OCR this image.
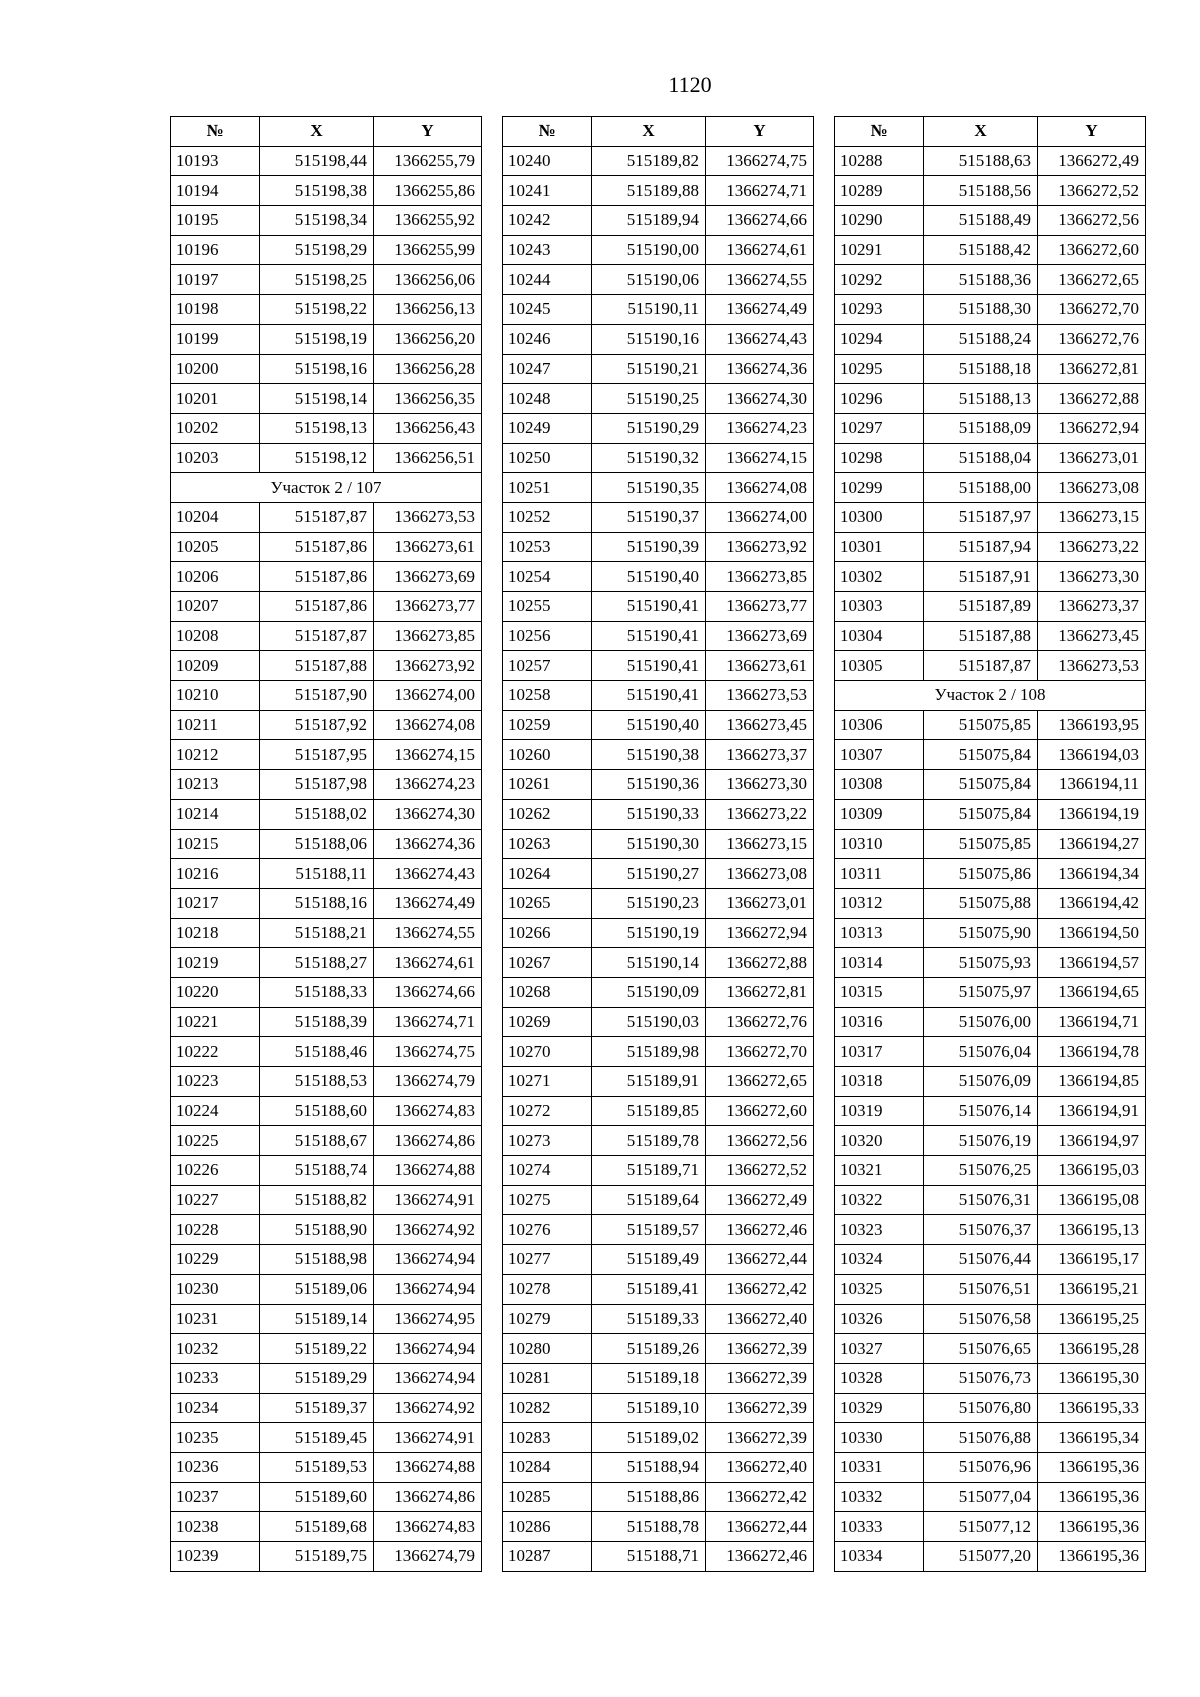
1120
№	X	Y
10193	515198,44	1366255,79
10194	515198,38	1366255,86
10195	515198,34	1366255,92
10196	515198,29	1366255,99
10197	515198,25	1366256,06
10198	515198,22	1366256,13
10199	515198,19	1366256,20
10200	515198,16	1366256,28
10201	515198,14	1366256,35
10202	515198,13	1366256,43
10203	515198,12	1366256,51
Участок 2 / 107		
10204	515187,87	1366273,53
10205	515187,86	1366273,61
10206	515187,86	1366273,69
10207	515187,86	1366273,77
10208	515187,87	1366273,85
10209	515187,88	1366273,92
10210	515187,90	1366274,00
10211	515187,92	1366274,08
10212	515187,95	1366274,15
10213	515187,98	1366274,23
10214	515188,02	1366274,30
10215	515188,06	1366274,36
10216	515188,11	1366274,43
10217	515188,16	1366274,49
10218	515188,21	1366274,55
10219	515188,27	1366274,61
10220	515188,33	1366274,66
10221	515188,39	1366274,71
10222	515188,46	1366274,75
10223	515188,53	1366274,79
10224	515188,60	1366274,83
10225	515188,67	1366274,86
10226	515188,74	1366274,88
10227	515188,82	1366274,91
10228	515188,90	1366274,92
10229	515188,98	1366274,94
10230	515189,06	1366274,94
10231	515189,14	1366274,95
10232	515189,22	1366274,94
10233	515189,29	1366274,94
10234	515189,37	1366274,92
10235	515189,45	1366274,91
10236	515189,53	1366274,88
10237	515189,60	1366274,86
10238	515189,68	1366274,83
10239	515189,75	1366274,79
№	X	Y
10240	515189,82	1366274,75
10241	515189,88	1366274,71
10242	515189,94	1366274,66
10243	515190,00	1366274,61
10244	515190,06	1366274,55
10245	515190,11	1366274,49
10246	515190,16	1366274,43
10247	515190,21	1366274,36
10248	515190,25	1366274,30
10249	515190,29	1366274,23
10250	515190,32	1366274,15
10251	515190,35	1366274,08
10252	515190,37	1366274,00
10253	515190,39	1366273,92
10254	515190,40	1366273,85
10255	515190,41	1366273,77
10256	515190,41	1366273,69
10257	515190,41	1366273,61
10258	515190,41	1366273,53
10259	515190,40	1366273,45
10260	515190,38	1366273,37
10261	515190,36	1366273,30
10262	515190,33	1366273,22
10263	515190,30	1366273,15
10264	515190,27	1366273,08
10265	515190,23	1366273,01
10266	515190,19	1366272,94
10267	515190,14	1366272,88
10268	515190,09	1366272,81
10269	515190,03	1366272,76
10270	515189,98	1366272,70
10271	515189,91	1366272,65
10272	515189,85	1366272,60
10273	515189,78	1366272,56
10274	515189,71	1366272,52
10275	515189,64	1366272,49
10276	515189,57	1366272,46
10277	515189,49	1366272,44
10278	515189,41	1366272,42
10279	515189,33	1366272,40
10280	515189,26	1366272,39
10281	515189,18	1366272,39
10282	515189,10	1366272,39
10283	515189,02	1366272,39
10284	515188,94	1366272,40
10285	515188,86	1366272,42
10286	515188,78	1366272,44
10287	515188,71	1366272,46
№	X	Y
10288	515188,63	1366272,49
10289	515188,56	1366272,52
10290	515188,49	1366272,56
10291	515188,42	1366272,60
10292	515188,36	1366272,65
10293	515188,30	1366272,70
10294	515188,24	1366272,76
10295	515188,18	1366272,81
10296	515188,13	1366272,88
10297	515188,09	1366272,94
10298	515188,04	1366273,01
10299	515188,00	1366273,08
10300	515187,97	1366273,15
10301	515187,94	1366273,22
10302	515187,91	1366273,30
10303	515187,89	1366273,37
10304	515187,88	1366273,45
10305	515187,87	1366273,53
Участок 2 / 108		
10306	515075,85	1366193,95
10307	515075,84	1366194,03
10308	515075,84	1366194,11
10309	515075,84	1366194,19
10310	515075,85	1366194,27
10311	515075,86	1366194,34
10312	515075,88	1366194,42
10313	515075,90	1366194,50
10314	515075,93	1366194,57
10315	515075,97	1366194,65
10316	515076,00	1366194,71
10317	515076,04	1366194,78
10318	515076,09	1366194,85
10319	515076,14	1366194,91
10320	515076,19	1366194,97
10321	515076,25	1366195,03
10322	515076,31	1366195,08
10323	515076,37	1366195,13
10324	515076,44	1366195,17
10325	515076,51	1366195,21
10326	515076,58	1366195,25
10327	515076,65	1366195,28
10328	515076,73	1366195,30
10329	515076,80	1366195,33
10330	515076,88	1366195,34
10331	515076,96	1366195,36
10332	515077,04	1366195,36
10333	515077,12	1366195,36
10334	515077,20	1366195,36
